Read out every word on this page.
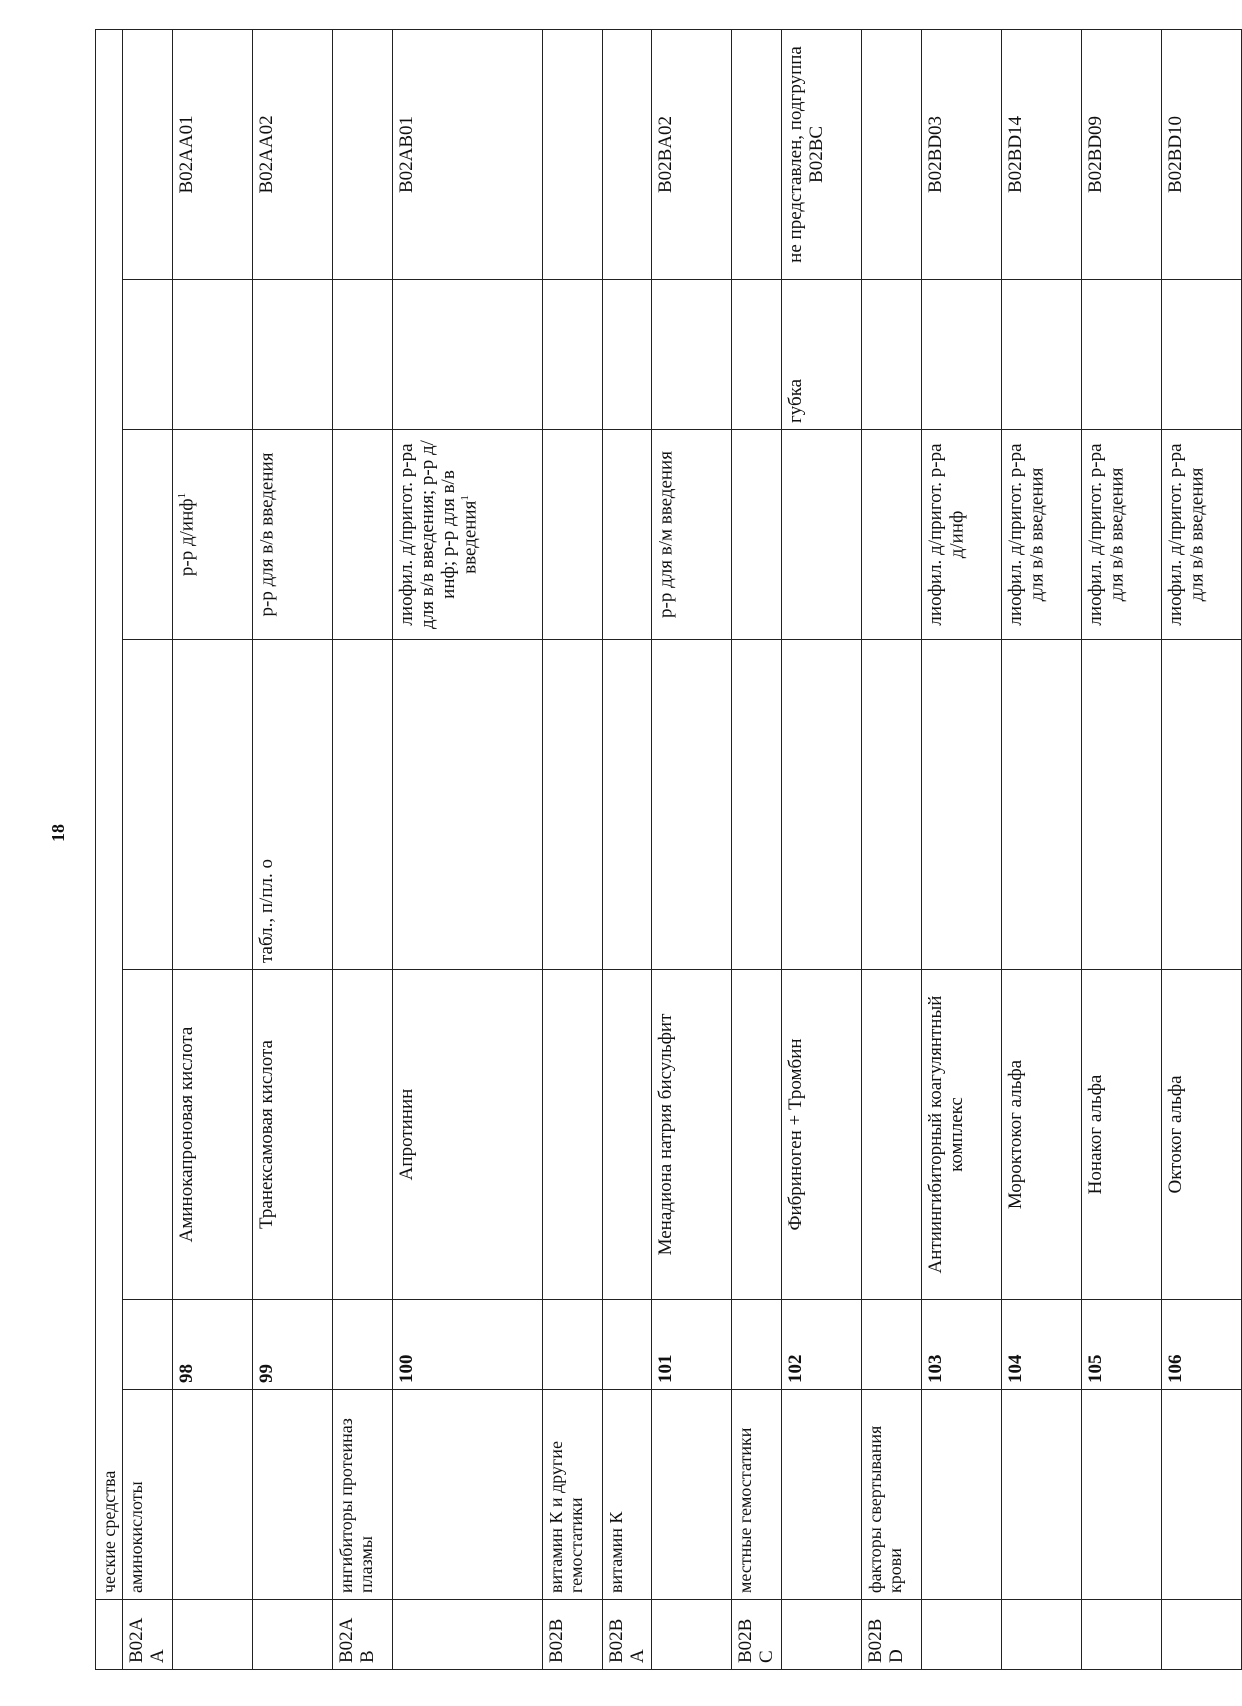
18
	ческие средства						
B02AA	аминокислоты						
		98	Аминокапроновая кислота		р-р д/инф$^1$		B02AA01
		99	Транексамовая кислота	табл., п/пл. о	р-р для в/в введения		B02AA02
B02AB	ингибиторы протеиназ плазмы						
		100	Апротинин		лиофил. д/пригот. р-ра для в/в введения; р-р д/инф; р-р для в/в введения$^1$		B02AB01
B02B	витамин К и другие гемостатики						
B02BA	витамин К						
		101	Менадиона натрия бисульфит		р-р для в/м введения		B02BA02
B02BC	местные гемостатики						
		102	Фибриноген + Тромбин			губка	не представлен, подгруппа B02BC
B02BD	факторы свертывания крови						
		103	Антиингибиторный коагулянтный комплекс		лиофил. д/пригот. р-ра д/инф		B02BD03
		104	Мороктоког альфа		лиофил. д/пригот. р-ра для в/в введения		B02BD14
		105	Нонаког альфа		лиофил. д/пригот. р-ра для в/в введения		B02BD09
		106	Октоког альфа		лиофил. д/пригот. р-ра для в/в введения		B02BD10
